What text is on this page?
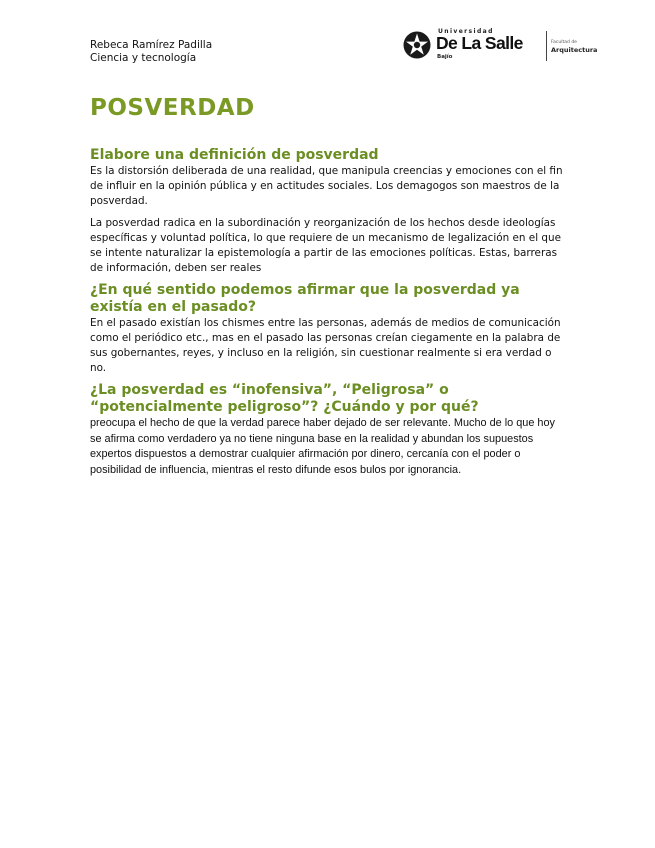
Rebeca Ramírez Padilla
Ciencia y tecnología
Universidad
De La Salle
Bajío
Facultad de
Arquitectura
POSVERDAD
Elabore una definición de posverdad

Es la distorsión deliberada de una realidad, que manipula creencias y emociones con el fin de influir en la opinión pública y en actitudes sociales. Los demagogos son maestros de la posverdad.

La posverdad radica en la subordinación y reorganización de los hechos desde ideologías específicas y voluntad política, lo que requiere de un mecanismo de legalización en el que se intente naturalizar la epistemología a partir de las emociones políticas. Estas, barreras de información, deben ser reales

¿En qué sentido podemos afirmar que la posverdad ya existía en el pasado?

En el pasado existían los chismes entre las personas, además de medios de comunicación como el periódico etc., mas en el pasado las personas creían ciegamente en la palabra de sus gobernantes, reyes, y incluso en la religión, sin cuestionar realmente si era verdad o no.

¿La posverdad es “inofensiva”, “Peligrosa” o “potencialmente peligroso”? ¿Cuándo y por qué?

preocupa el hecho de que la verdad parece haber dejado de ser relevante. Mucho de lo que hoy se afirma como verdadero ya no tiene ninguna base en la realidad y abundan los supuestos expertos dispuestos a demostrar cualquier afirmación por dinero, cercanía con el poder o posibilidad de influencia, mientras el resto difunde esos bulos por ignorancia.
